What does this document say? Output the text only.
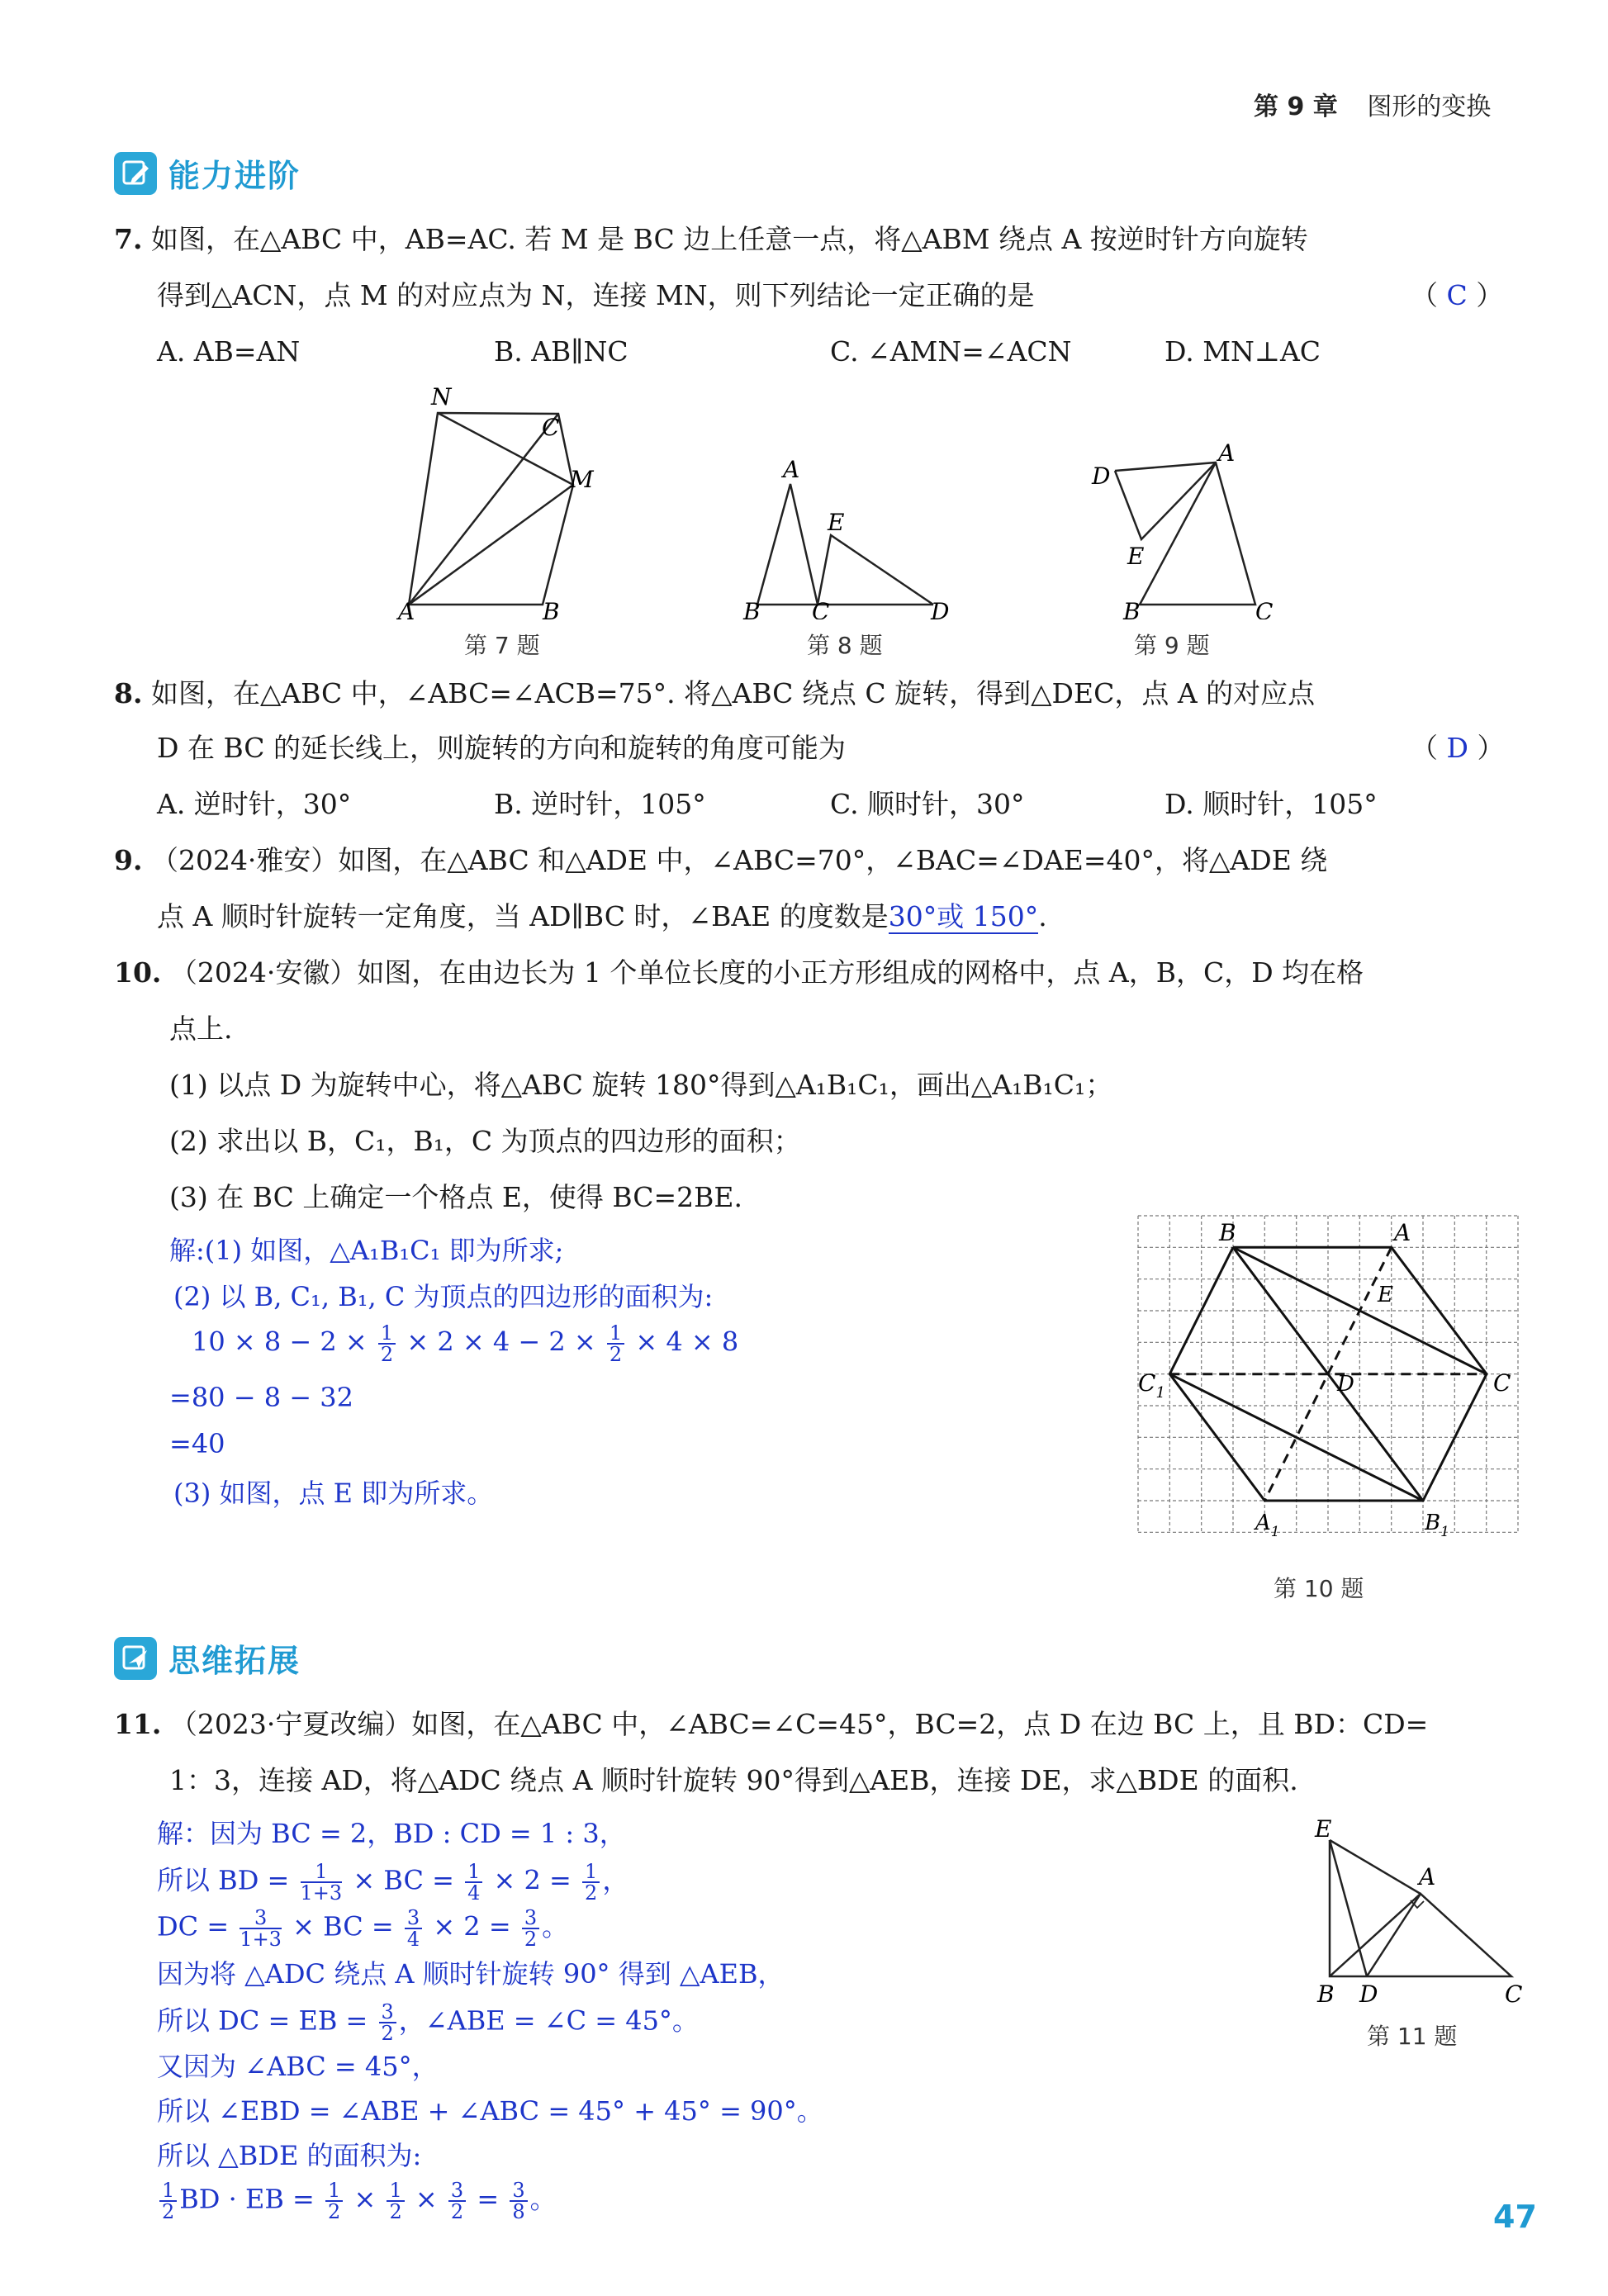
第 9 章 图形的变换
能力进阶
7. 如图，在△ABC 中，AB=AC. 若 M 是 BC 边上任意一点，将△ABM 绕点 A 按逆时针方向旋转
得到△ACN，点 M 的对应点为 N，连接 MN，则下列结论一定正确的是	（ C ）
A. AB=AN	B. AB∥NC	C. ∠AMN=∠ACN	D. MN⊥AC
N
C
M
A	B
A
E
B C	D
D
A
E
B	C
第 7 题	第 8 题	第 9 题
8. 如图，在△ABC 中，∠ABC=∠ACB=75°. 将△ABC 绕点 C 旋转，得到△DEC，点 A 的对应点
D 在 BC 的延长线上，则旋转的方向和旋转的角度可能为	（ D ）
A. 逆时针，30°	B. 逆时针，105°	C. 顺时针，30°	D. 顺时针，105°
9. （2024·雅安）如图，在△ABC 和△ADE 中，∠ABC=70°，∠BAC=∠DAE=40°，将△ADE 绕
点 A 顺时针旋转一定角度，当 AD∥BC 时，∠BAE 的度数是30°或 150°.
10. （2024·安徽）如图，在由边长为 1 个单位长度的小正方形组成的网格中，点 A，B，C，D 均在格
点上.
(1) 以点 D 为旋转中心，将△ABC 旋转 180°得到△A₁B₁C₁，画出△A₁B₁C₁；
(2) 求出以 B，C₁，B₁，C 为顶点的四边形的面积；
(3) 在 BC 上确定一个格点 E，使得 BC=2BE.
解:(1) 如图，△A₁B₁C₁ 即为所求;
(2) 以 B, C₁, B₁, C 为顶点的四边形的面积为:
$10 \times 8 - 2 \times \frac{1}{2} \times 2 \times 4 - 2 \times \frac{1}{2} \times 4 \times 8$
=80 − 8 − 32
=40
(3) 如图，点 E 即为所求。
B	A
E
D	C
$C_1$
$A_1$	$B_1$
第 10 题
思维拓展
11. （2023·宁夏改编）如图，在△ABC 中，∠ABC=∠C=45°，BC=2，点 D 在边 BC 上，且 BD：CD=
1：3，连接 AD，将△ADC 绕点 A 顺时针旋转 90°得到△AEB，连接 DE，求△BDE 的面积.
解：因为 BC = 2，BD : CD = 1 : 3，
所以 BD = $\frac{1}{1+3}$ × BC = $\frac{1}{4} \times 2 = \frac{1}{2}$ ，
DC = $\frac{3}{1+3}$ × BC = $\frac{3}{4} \times 2 = \frac{3}{2}$ 。
因为将 △ADC 绕点 A 顺时针旋转 90° 得到 △AEB，
所以 DC = EB = $\frac{3}{2}$ ，∠ABE = ∠C = 45°。
又因为 ∠ABC = 45°，
所以 ∠EBD = ∠ABE + ∠ABC = 45° + 45° = 90°。
所以 △BDE 的面积为:
$\frac{1}{2}$ BD · EB = $\frac{1}{2} \times \frac{1}{2} \times \frac{3}{2} = \frac{3}{8}$ 。
E
A
B D	C
第 11 题
47
